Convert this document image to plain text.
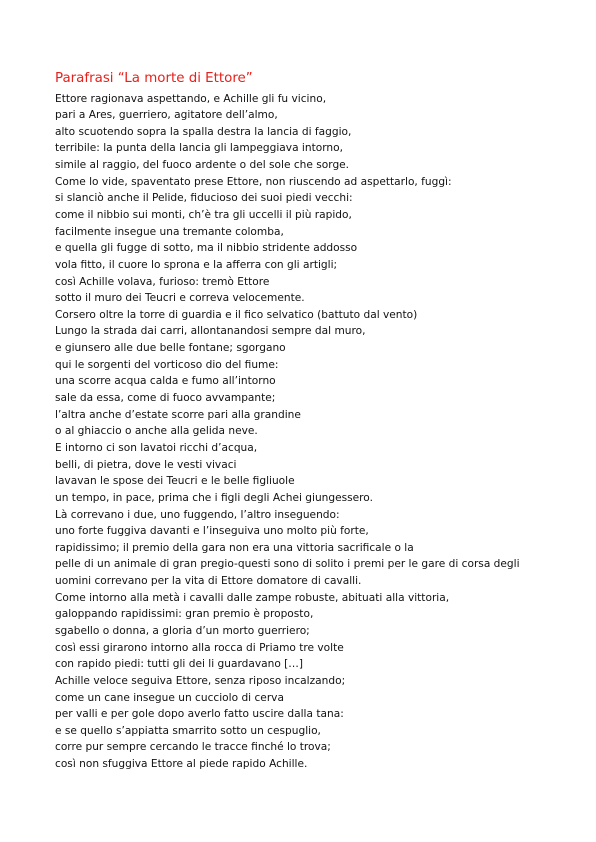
Parafrasi “La morte di Ettore”
Ettore ragionava aspettando, e Achille gli fu vicino,
pari a Ares, guerriero, agitatore dell’almo,
alto scuotendo sopra la spalla destra la lancia di faggio,
terribile: la punta della lancia gli lampeggiava intorno,
simile al raggio, del fuoco ardente o del sole che sorge.
Come lo vide, spaventato prese Ettore, non riuscendo ad aspettarlo, fuggì:
si slanciò anche il Pelide, fiducioso dei suoi piedi vecchi:
come il nibbio sui monti, ch’è tra gli uccelli il più rapido,
facilmente insegue una tremante colomba,
e quella gli fugge di sotto, ma il nibbio stridente addosso
vola fitto, il cuore lo sprona e la afferra con gli artigli;
così Achille volava, furioso: tremò Ettore
sotto il muro dei Teucri e correva velocemente.
Corsero oltre la torre di guardia e il fico selvatico (battuto dal vento)
Lungo la strada dai carri, allontanandosi sempre dal muro,
e giunsero alle due belle fontane; sgorgano
qui le sorgenti del vorticoso dio del fiume:
una scorre acqua calda e fumo all’intorno
sale da essa, come di fuoco avvampante;
l’altra anche d’estate scorre pari alla grandine
o al ghiaccio o anche alla gelida neve.
E intorno ci son lavatoi ricchi d’acqua,
belli, di pietra, dove le vesti vivaci
lavavan le spose dei Teucri e le belle figliuole
un tempo, in pace, prima che i figli degli Achei giungessero.
Là correvano i due, uno fuggendo, l’altro inseguendo:
uno forte fuggiva davanti e l’inseguiva uno molto più forte,
rapidissimo; il premio della gara non era una vittoria sacrificale o la
pelle di un animale di gran pregio-questi sono di solito i premi per le gare di corsa degli
uomini correvano per la vita di Ettore domatore di cavalli.
Come intorno alla metà i cavalli dalle zampe robuste, abituati alla vittoria,
galoppando rapidissimi: gran premio è proposto,
sgabello o donna, a gloria d’un morto guerriero;
così essi girarono intorno alla rocca di Priamo tre volte
con rapido piedi: tutti gli dei li guardavano […]
Achille veloce seguiva Ettore, senza riposo incalzando;
come un cane insegue un cucciolo di cerva
per valli e per gole dopo averlo fatto uscire dalla tana:
e se quello s’appiatta smarrito sotto un cespuglio,
corre pur sempre cercando le tracce finché lo trova;
così non sfuggiva Ettore al piede rapido Achille.
